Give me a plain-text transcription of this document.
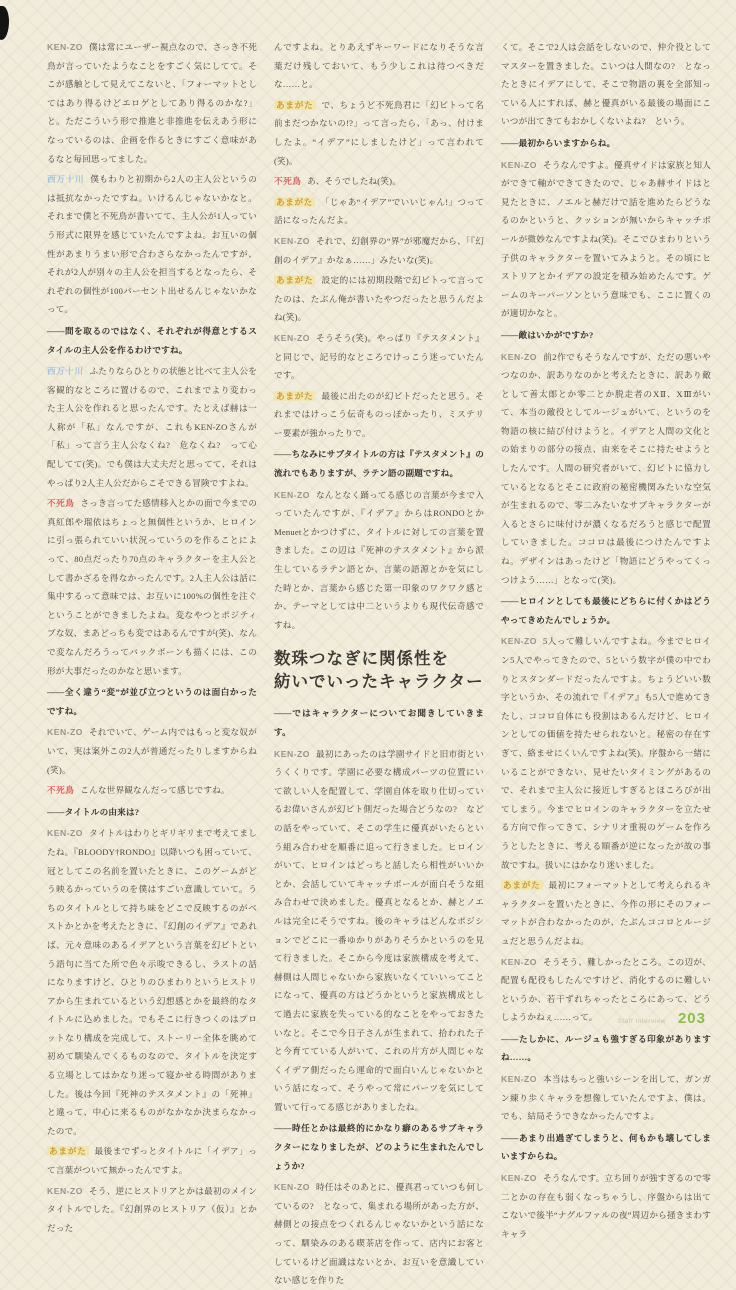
KEN-ZO 僕は常にユーザー視点なので、さっき不死鳥が言っていたようなことをすごく気にしてて。そこが感触として見えてこないと、「フォーマットとしてはあり得るけどエロゲとしてあり得るのかな?」と。ただこういう形で推進と非推進を伝えあう形になっているのは、企画を作るときにすごく意味があるなと毎回思ってました。

西万十川 僕もわりと初期から2人の主人公というのは抵抗なかったですね。いけるんじゃないかなと。それまで僕と不死鳥が書いてて、主人公が1人っていう形式に限界を感じていたんですよね。お互いの個性があまりうまい形で合わさらなかったんですが、それが2人が別々の主人公を担当するとなったら、それぞれの個性が100パーセント出せるんじゃないかなって。

――間を取るのではなく、それぞれが得意とするスタイルの主人公を作るわけですね。

西万十川 ふたりならひとりの状態と比べて主人公を客観的なところに置けるので、これまでより変わった主人公を作れると思ったんです。たとえば赫は一人称が「私」なんですが、これもKEN-ZOさんが「私」って言う主人公なくね?　危なくね?　って心配してて(笑)。でも僕は大丈夫だと思ってて、それはやっぱり2人主人公だからこそできる冒険ですよね。

不死鳥 さっき言ってた感情移入とかの面で今までの真紅郎や瑠依はちょっと無個性というか、ヒロインに引っ張られていい状況っていうのを作ることによって、80点だったり70点のキャラクターを主人公として書かざるを得なかったんです。2人主人公は話に集中するって意味では、お互いに100%の個性を注ぐということができましたよね。変なやつとポジティブな奴、まあどっちも変ではあるんですが(笑)、なんで変なんだろうってバックボーンも描くには、この形が大事だったのかなと思います。

――全く違う“変”が並び立つというのは面白かったですね。

KEN-ZO それでいて、ゲーム内ではもっと変な奴がいて、実は案外この2人が普通だったりしますからね(笑)。

不死鳥 こんな世界観なんだって感じですね。

――タイトルの由来は?

KEN-ZO タイトルはわりとギリギリまで考えてましたね。『BLOODY†RONDO』以降いつも困っていて、冠としてこの名前を置いたときに、このゲームがどう映るかっていうのを僕はすごい意識していて。うちのタイトルとして持ち味をどこで反映するのがベストかとかを考えたときに、『幻創のイデア』であれば、元々意味のあるイデアという言葉を幻ビトという語句に当てた所で色々示唆できるし、ラストの話になりますけど、ひとりのひまわりというヒストリアから生まれているという幻想感とかを最終的なタイトルに込めました。でもそこに行きつくのはプロットなり構成を完成して、ストーリー全体を眺めて初めて馴染んでくるものなので、タイトルを決定する立場としてはかなり迷って寝かせる時間がありました。後は今回『死神のテスタメント』の「死神」と違って、中心に来るものがなかなか決まらなかったので。

あまがた 最後までずっとタイトルに「イデア」って言葉がついて無かったんですよ。

KEN-ZO そう、逆にヒストリアとかは最初のメインタイトルでした。『幻創界のヒストリア（仮）』とかだった

んですよね。とりあえずキーワードになりそうな言葉だけ残しておいて、もう少しこれは待つべきだな……と。

あまがた で、ちょうど不死鳥君に「幻ビトって名前まだつかないの!?」って言ったら、「あっ、付けましたよ。“イデア”にしましたけど」って言われて(笑)。

不死鳥 あ、そうでしたね(笑)。

あまがた 「じゃあ“イデア”でいいじゃん!」つって話になったんだよ。

KEN-ZO それで、幻創界の“界”が邪魔だから、「『幻創のイデア』かなぁ……」みたいな(笑)。

あまがた 設定的には初期段階で幻ビトって言ってたのは、たぶん俺が書いたやつだったと思うんだよね(笑)。

KEN-ZO そうそう(笑)。やっぱり『テスタメント』と同じで、記号的なところでけっこう迷っていたんです。

あまがた 最後に出たのが幻ビトだったと思う。それまではけっこう伝奇ものっぽかったり、ミステリー要素が強かったりで。

――ちなみにサブタイトルの方は『テスタメント』の流れでもありますが、ラテン語の副題ですね。

KEN-ZO なんとなく踊ってる感じの言葉が今まで入っていたんですが、『イデア』からはRONDOとかMenuetとかつけずに、タイトルに対しての言葉を置きました。この辺は『死神のテスタメント』から派生しているラテン語とか、言葉の語源とかを気にした時とか、言葉から感じた第一印象のワクワク感とか、テーマとしては中二というよりも現代伝奇感ですね。

数珠つなぎに関係性を
紡いでいったキャラクター

――ではキャラクターについてお聞きしていきます。

KEN-ZO 最初にあったのは学園サイドと旧市街というくくりです。学園に必要な構成パーツの位置にいて欲しい人を配置して、学園自体を取り仕切っているお偉いさんが幻ビト側だった場合どうなの?　などの話をやっていて、そこの学生に優真がいたらという組み合わせを順番に追って行きました。ヒロインがいて、ヒロインはどっちと話したら相性がいいかとか、会話していてキャッチボールが面白そうな組み合わせで決めました。優真となるとか、赫とノエルは完全にそうですね。後のキャラはどんなポジションでどこに一番ゆかりがありそうかというのを見て行きました。そこから今度は家族構成を考えて、赫側は人間じゃないから家族いなくていいってことになって、優真の方はどうかというと家族構成として過去に家族を失っている的なことをやっておきたいなと。そこで今日子さんが生まれて、拾われた子と今育てている人がいて、これの片方が人間じゃなくイデア側だったら運命的で面白いんじゃないかという話になって、そうやって常にパーツを気にして置いて行ってる感じがありましたね。

――時任とかは最終的にかなり癖のあるサブキャラクターになりましたが、どのように生まれたんでしょうか?

KEN-ZO 時任はそのあとに、優真君っていつも何しているの?　となって、集まれる場所があった方が、赫側との接点をつくれるんじゃないかという話になって、馴染みのある喫茶店を作って、店内にお客としているけど面識はないとか、お互いを意識していない感じを作りた

くて。そこで2人は会話をしないので、仲介役としてマスターを置きました。こいつは人間なの?　となったときにイデアにして、そこで物語の裏を全部知っている人にすれば、赫と優真がいる最後の場面にこいつが出てきてもおかしくないよね?　という。

――最初からいますからね。

KEN-ZO そうなんですよ。優真サイドは家族と知人ができて軸ができてきたので、じゃあ赫サイドはと見たときに、ノエルと赫だけで話を進めたらどうなるのかというと、クッションが無いからキャッチボールが微妙なんですよね(笑)。そこでひまわりという子供のキャラクターを置いてみようと。その頃にヒストリアとかイデアの設定を積み始めたんです。ゲームのキーパーソンという意味でも、ここに置くのが適切かなと。

――敵はいかがですか?

KEN-ZO 前2作でもそうなんですが、ただの悪いやつなのか、訳ありなのかと考えたときに、訳あり敵として善太郎とか零二とか脱走者のXⅡ、XⅢがいて、本当の敵役としてルージュがいて、というのを物語の核に結び付けようと。イデアと人間の文化との始まりの部分の接点、由来をそこに持たせようとしたんです。人間の研究者がいて、幻ビトに協力しているとなるとそこに政府の秘密機関みたいな空気が生まれるので、零二みたいなサブキャラクターが入るとさらに味付けが濃くなるだろうと感じで配置していきました。ココロは最後につけたんですよね。デザインはあったけど「物語にどうやってくっつけよう……」となって(笑)。

――ヒロインとしても最後にどちらに付くかはどうやってきめたんでしょうか。

KEN-ZO 5人って難しいんですよね。今までヒロイン5人でやってきたので、5という数字が僕の中でわりとスタンダードだったんですよ。ちょうどいい数字というか、その流れで『イデア』も5人で進めてきたし、ココロ自体にも役割はあるんだけど、ヒロインとしての価値を持たせられないと。秘密の存在すぎて、絡ませにくいんですよね(笑)。序盤から一緒にいることができない、見せたいタイミングがあるので、それまで主人公に接近しすぎるとほころびが出てしまう。今までヒロインのキャラクターを立たせる方向で作ってきて、シナリオ重視のゲームを作ろうとしたときに、考える順番が逆になったが故の事故ですね。扱いにはかなり迷いました。

あまがた 最初にフォーマットとして考えられるキャラクターを置いたときに、今作の形にそのフォーマットが合わなかったのが、たぶんココロとルージュだと思うんだよね。

KEN-ZO そうそう、難しかったところ。この辺が、配置も配役もしたんですけど、消化するのに難しいというか、若干ずれちゃったところにあって、どうしようかねぇ……って。

――たしかに、ルージュも強すぎる印象がありますね……。

KEN-ZO 本当はもっと強いシーンを出して、ガンガン練り歩くキャラを想像していたんですよ、僕は。でも、結局そうできなかったんですよ。

――あまり出過ぎてしまうと、何もかも壊してしまいますからね。

KEN-ZO そうなんです。立ち回りが強すぎるので零二とかの存在も弱くなっちゃうし、序盤からは出てこないで後半“ナグルファルの夜”周辺から掻きまわすキャラ

Staff Interview 203
